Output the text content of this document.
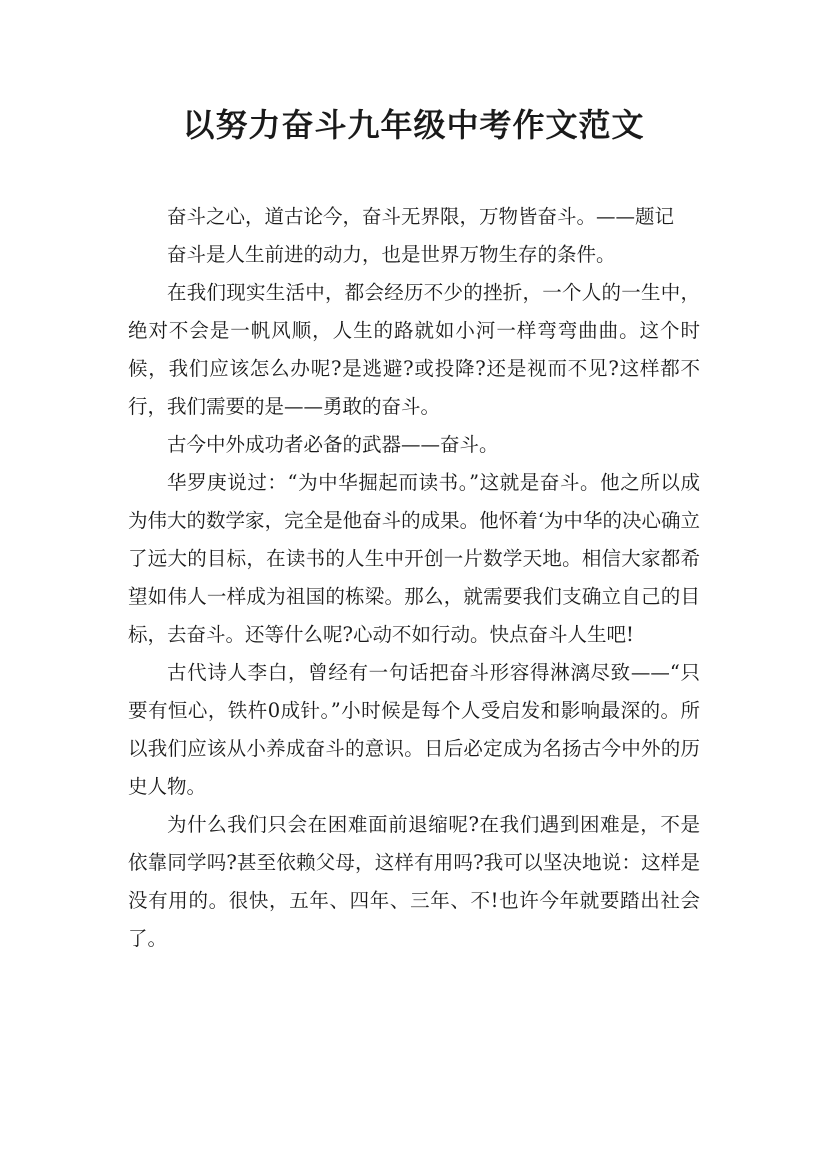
以努力奋斗九年级中考作文范文

奋斗之心，道古论今，奋斗无界限，万物皆奋斗。——题记

奋斗是人生前进的动力，也是世界万物生存的条件。

在我们现实生活中，都会经历不少的挫折，一个人的一生中，绝对不会是一帆风顺，人生的路就如小河一样弯弯曲曲。这个时候，我们应该怎么办呢?是逃避?或投降?还是视而不见?这样都不行，我们需要的是——勇敢的奋斗。

古今中外成功者必备的武器——奋斗。

华罗庚说过：“为中华掘起而读书。”这就是奋斗。他之所以成为伟大的数学家，完全是他奋斗的成果。他怀着‘为中华的决心确立了远大的目标，在读书的人生中开创一片数学天地。相信大家都希望如伟人一样成为祖国的栋梁。那么，就需要我们支确立自己的目标，去奋斗。还等什么呢?心动不如行动。快点奋斗人生吧!

古代诗人李白，曾经有一句话把奋斗形容得淋漓尽致——“只要有恒心，铁杵0成针。”小时候是每个人受启发和影响最深的。所以我们应该从小养成奋斗的意识。日后必定成为名扬古今中外的历史人物。

为什么我们只会在困难面前退缩呢?在我们遇到困难是，不是依靠同学吗?甚至依赖父母，这样有用吗?我可以坚决地说：这样是没有用的。很快，五年、四年、三年、不!也许今年就要踏出社会了。
